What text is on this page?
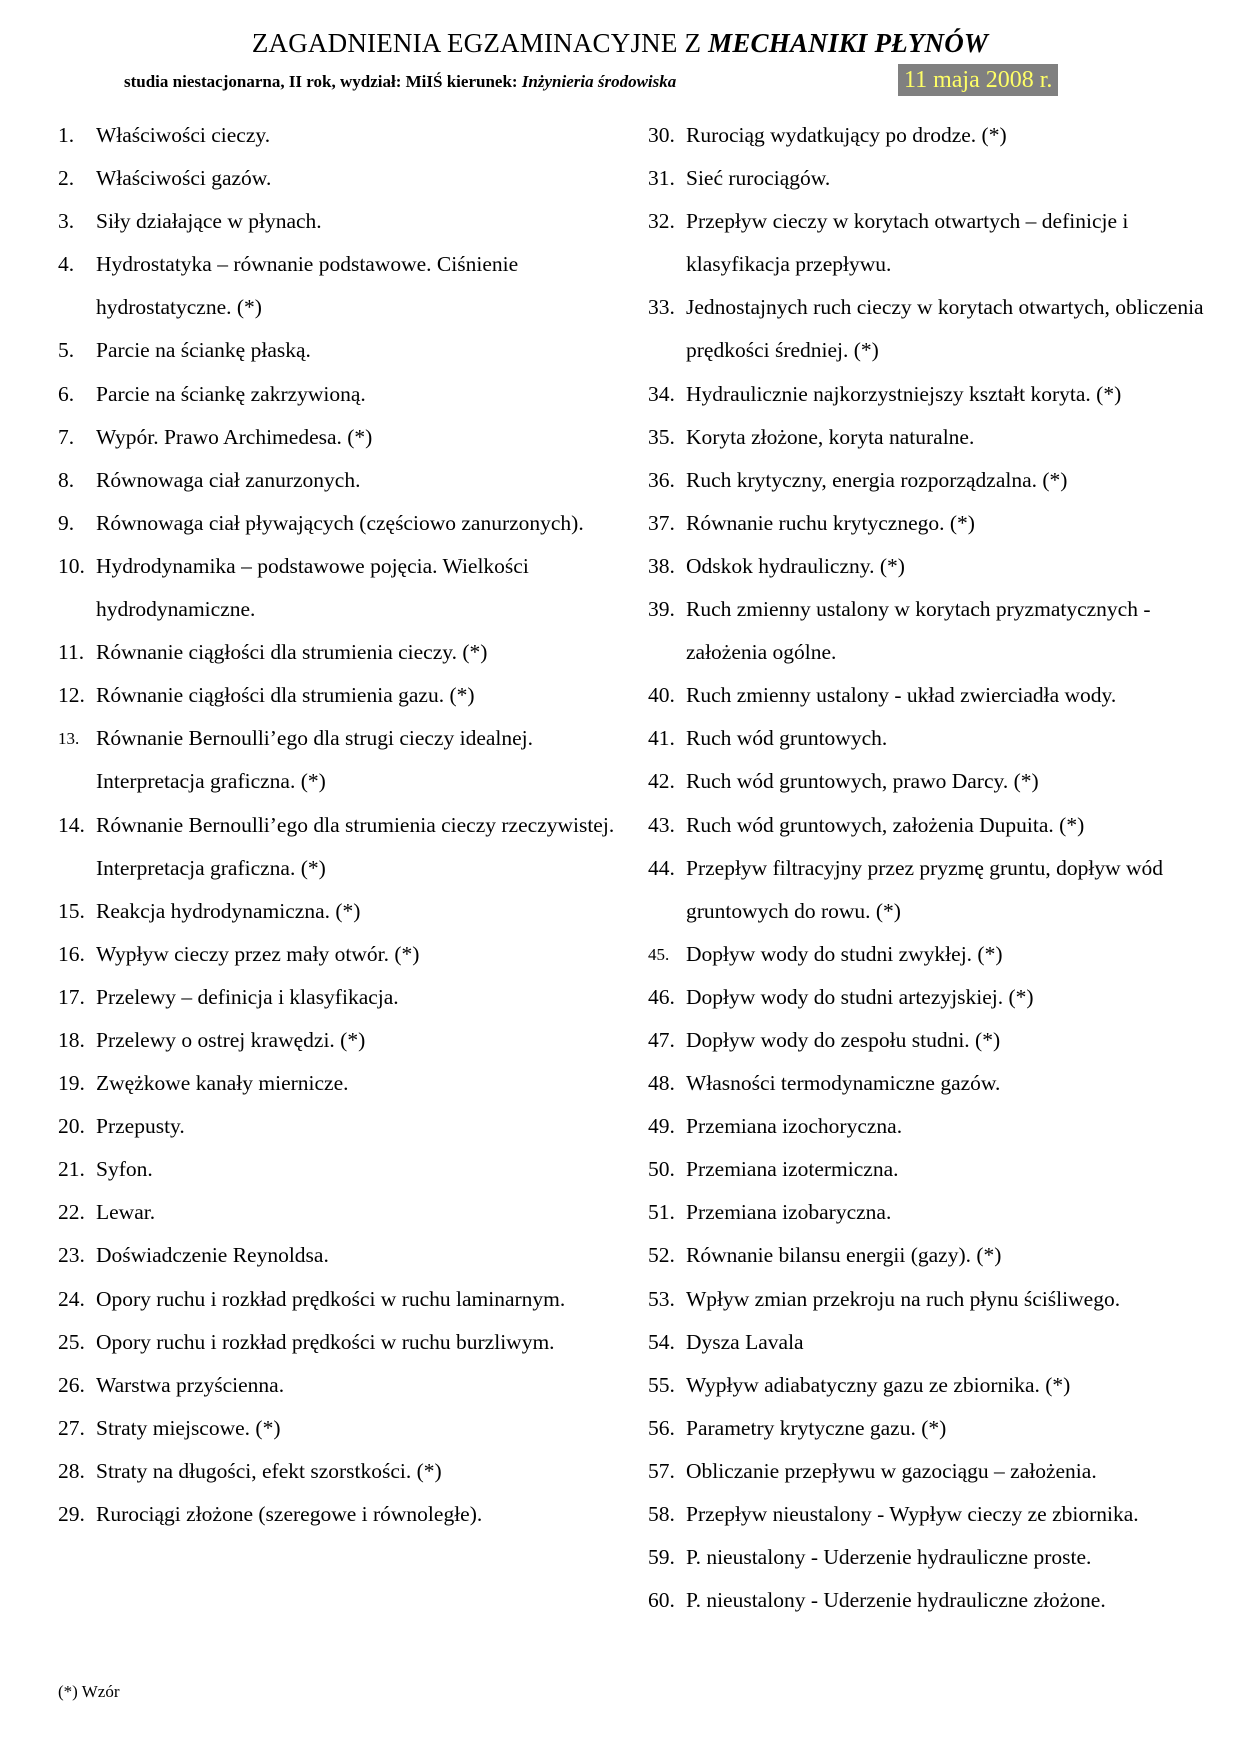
ZAGADNIENIA EGZAMINACYJNE Z MECHANIKI PŁYNÓW
studia niestacjonarna, II rok, wydział: MiIŚ kierunek: Inżynieria środowiska	11 maja 2008 r.
1.	Właściwości cieczy.
2.	Właściwości gazów.
3.	Siły działające w płynach.
4.	Hydrostatyka – równanie podstawowe. Ciśnienie hydrostatyczne. (*)
5.	Parcie na ściankę płaską.
6.	Parcie na ściankę zakrzywioną.
7.	Wypór. Prawo Archimedesa. (*)
8.	Równowaga ciał zanurzonych.
9.	Równowaga ciał pływających (częściowo zanurzonych).
10. Hydrodynamika – podstawowe pojęcia. Wielkości hydrodynamiczne.
11. Równanie ciągłości dla strumienia cieczy. (*)
12. Równanie ciągłości dla strumienia gazu. (*)
13. Równanie Bernoulli’ego dla strugi cieczy idealnej. Interpretacja graficzna. (*)
14. Równanie Bernoulli’ego dla strumienia cieczy rzeczywistej. Interpretacja graficzna. (*)
15. Reakcja hydrodynamiczna. (*)
16. Wypływ cieczy przez mały otwór. (*)
17. Przelewy – definicja i klasyfikacja.
18. Przelewy o ostrej krawędzi. (*)
19. Zwężkowe kanały miernicze.
20. Przepusty.
21. Syfon.
22. Lewar.
23. Doświadczenie Reynoldsa.
24. Opory ruchu i rozkład prędkości w ruchu laminarnym.
25. Opory ruchu i rozkład prędkości w ruchu burzliwym.
26. Warstwa przyścienna.
27. Straty miejscowe. (*)
28. Straty na długości, efekt szorstkości. (*)
29. Rurociągi złożone (szeregowe i równoległe).
30. Rurociąg wydatkujący po drodze. (*)
31. Sieć rurociągów.
32. Przepływ cieczy w korytach otwartych – definicje i klasyfikacja przepływu.
33. Jednostajnych ruch cieczy w korytach otwartych, obliczenia prędkości średniej. (*)
34. Hydraulicznie najkorzystniejszy kształt koryta. (*)
35. Koryta złożone, koryta naturalne.
36. Ruch krytyczny, energia rozporządzalna. (*)
37. Równanie ruchu krytycznego. (*)
38. Odskok hydrauliczny. (*)
39. Ruch zmienny ustalony w korytach pryzmatycznych - założenia ogólne.
40. Ruch zmienny ustalony - układ zwierciadła wody.
41. Ruch wód gruntowych.
42. Ruch wód gruntowych, prawo Darcy. (*)
43. Ruch wód gruntowych, założenia Dupuita. (*)
44. Przepływ filtracyjny przez pryzmę gruntu, dopływ wód gruntowych do rowu. (*)
45. Dopływ wody do studni zwykłej. (*)
46. Dopływ wody do studni artezyjskiej. (*)
47. Dopływ wody do zespołu studni. (*)
48. Własności termodynamiczne gazów.
49. Przemiana izochoryczna.
50. Przemiana izotermiczna.
51. Przemiana izobaryczna.
52. Równanie bilansu energii (gazy). (*)
53. Wpływ zmian przekroju na ruch płynu ściśliwego.
54. Dysza Lavala
55. Wypływ adiabatyczny gazu ze zbiornika. (*)
56. Parametry krytyczne gazu. (*)
57. Obliczanie przepływu w gazociągu – założenia.
58. Przepływ nieustalony - Wypływ cieczy ze zbiornika.
59. P. nieustalony - Uderzenie hydrauliczne proste.
60. P. nieustalony - Uderzenie hydrauliczne złożone.
(*) Wzór
